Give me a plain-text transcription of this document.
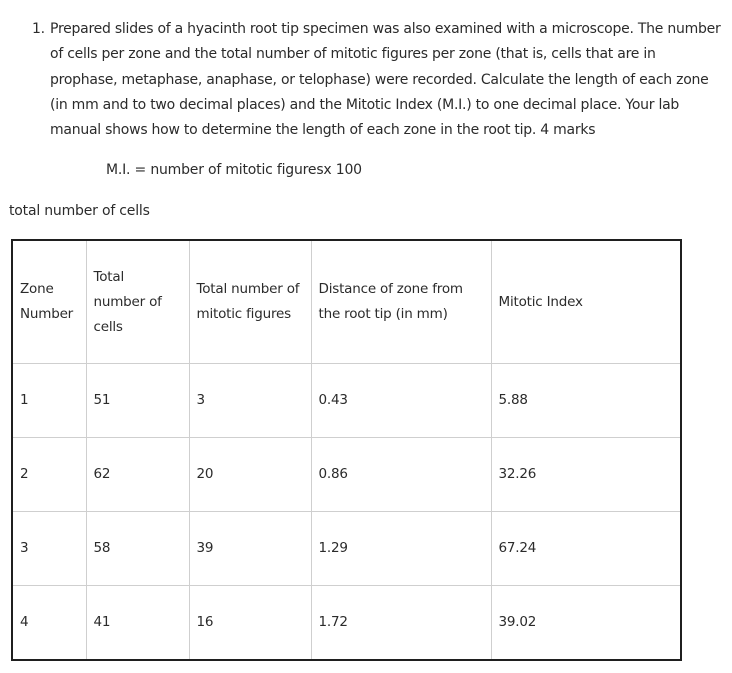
1. Prepared slides of a hyacinth root tip specimen was also examined with a microscope. The number of cells per zone and the total number of mitotic figures per zone (that is, cells that are in prophase, metaphase, anaphase, or telophase) were recorded. Calculate the length of each zone (in mm and to two decimal places) and the Mitotic Index (M.I.) to one decimal place. Your lab manual shows how to determine the length of each zone in the root tip. 4 marks

M.I. = number of mitotic figuresx 100

total number of cells

Zone Number	Total number of cells	Total number of mitotic figures	Distance of zone from the root tip (in mm)	Mitotic Index
1	51	3	0.43	5.88
2	62	20	0.86	32.26
3	58	39	1.29	67.24
4	41	16	1.72	39.02
